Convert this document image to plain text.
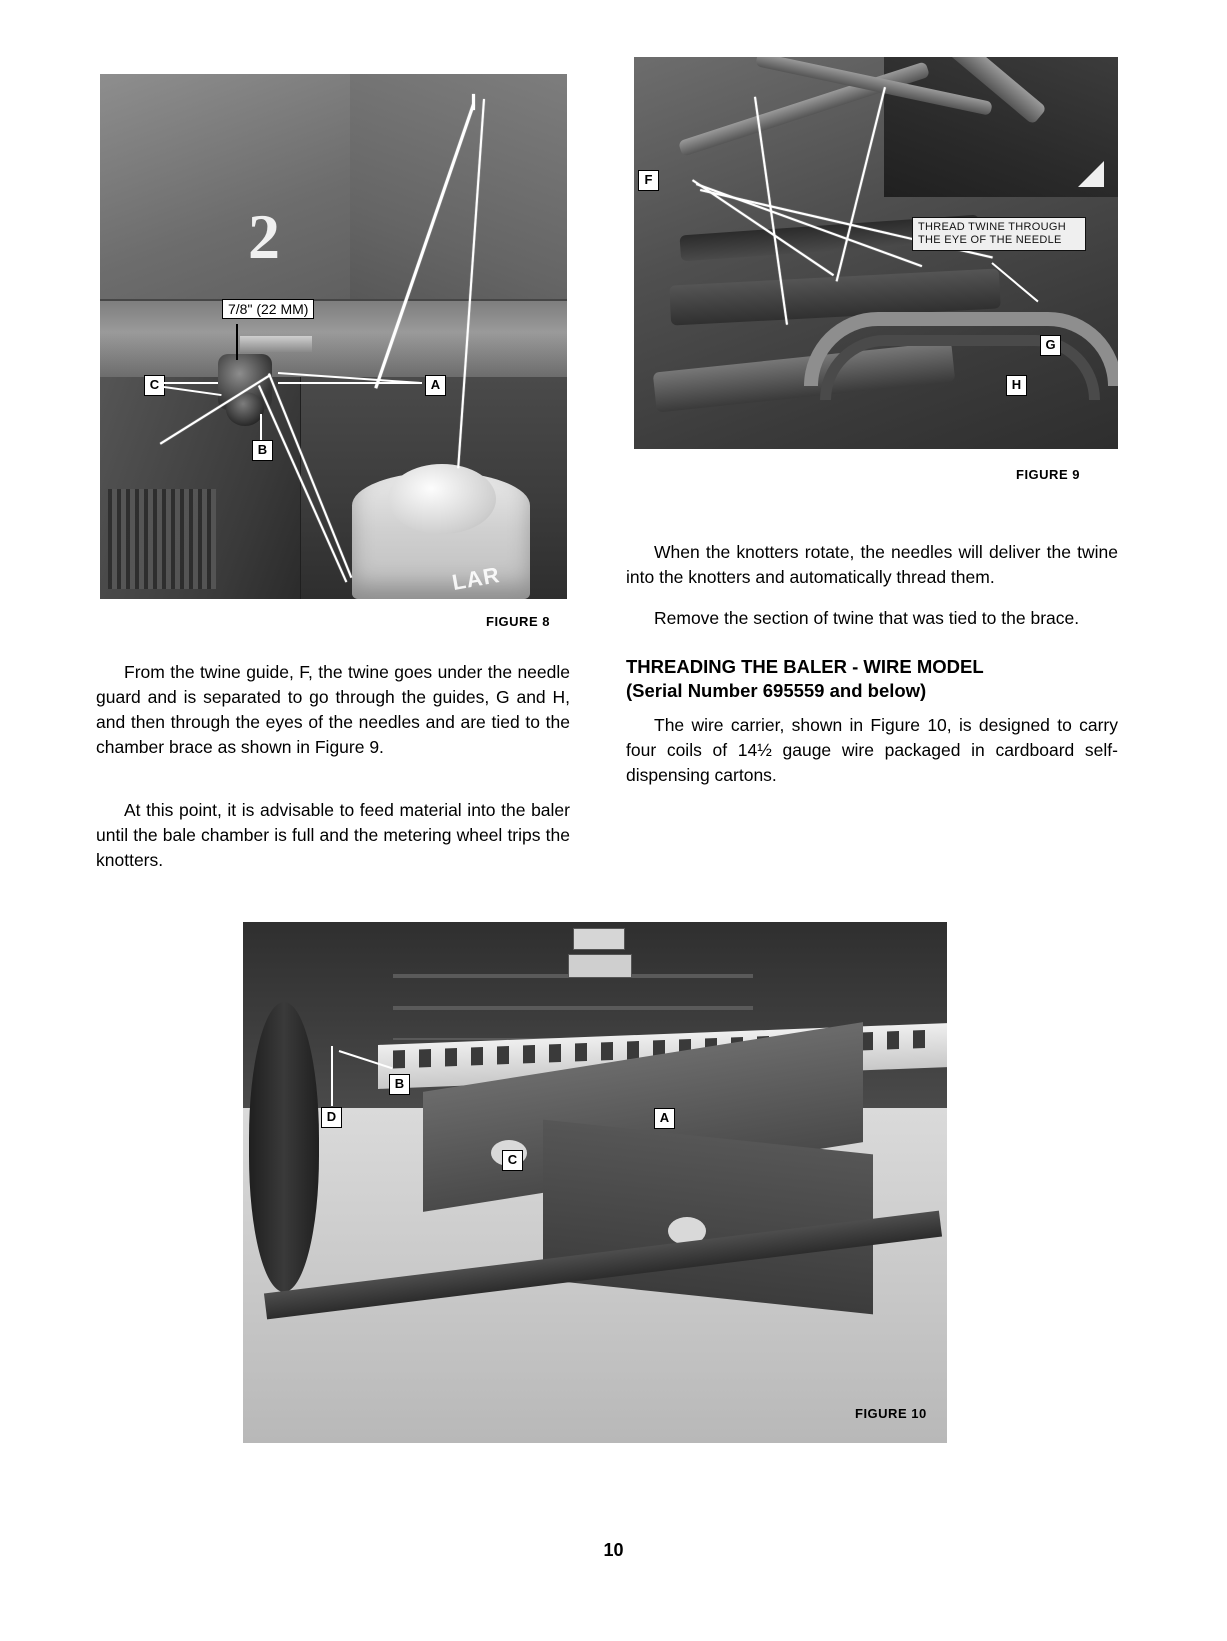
2
LAR
7/8" (22 MM)
C	A
B
FIGURE 8
THREAD TWINE THROUGH
THE EYE OF THE NEEDLE
F
G
H
FIGURE 9

From the twine guide, F, the twine goes under the needle guard and is separated to go through the guides, G and H, and then through the eyes of the needles and are tied to the chamber brace as shown in Figure 9.

At this point, it is advisable to feed material into the baler until the bale chamber is full and the metering wheel trips the knotters.

When the knotters rotate, the needles will deliver the twine into the knotters and automatically thread them.

Remove the section of twine that was tied to the brace.

THREADING THE BALER - WIRE MODEL
(Serial Number 695559 and below)

The wire carrier, shown in Figure 10, is designed to carry four coils of 14½ gauge wire packaged in cardboard self-dispensing cartons.

B
D	A
C
FIGURE 10
10
